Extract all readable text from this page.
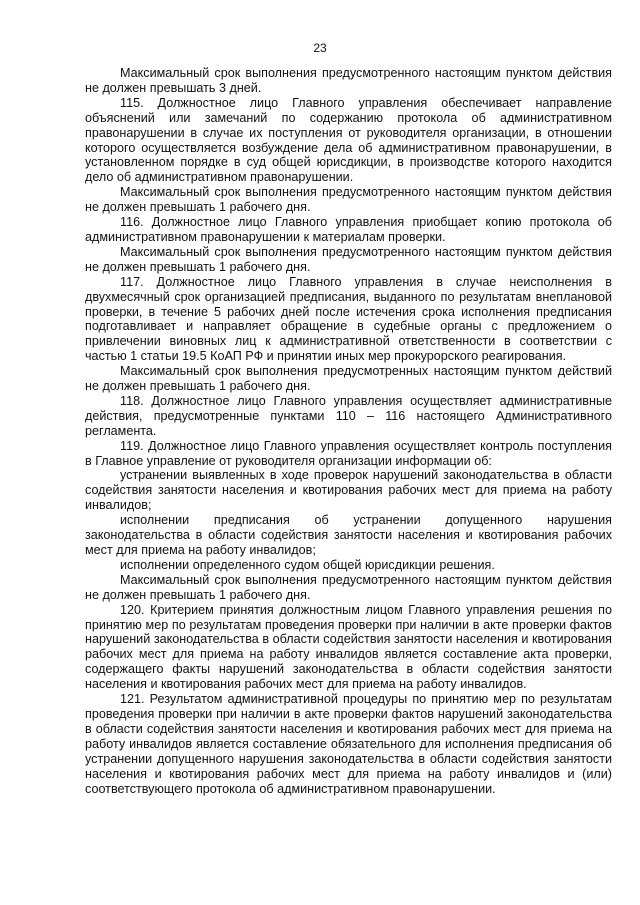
23

Максимальный срок выполнения предусмотренного настоящим пунктом действия не должен превышать 3 дней.

115. Должностное лицо Главного управления обеспечивает направление объяснений или замечаний по содержанию протокола об административном правонарушении в случае их поступления от руководителя организации, в отношении которого осуществляется возбуждение дела об административном правонарушении, в установленном порядке в суд общей юрисдикции, в производстве которого находится дело об административном правонарушении.

Максимальный срок выполнения предусмотренного настоящим пунктом действия не должен превышать 1 рабочего дня.

116. Должностное лицо Главного управления приобщает копию протокола об административном правонарушении к материалам проверки.

Максимальный срок выполнения предусмотренного настоящим пунктом действия не должен превышать 1 рабочего дня.

117. Должностное лицо Главного управления в случае неисполнения в двухмесячный срок организацией предписания, выданного по результатам внеплановой проверки, в течение 5 рабочих дней после истечения срока исполнения предписания подготавливает и направляет обращение в судебные органы с предложением о привлечении виновных лиц к административной ответственности в соответствии с частью 1 статьи 19.5 КоАП РФ и принятии иных мер прокурорского реагирования.

Максимальный срок выполнения предусмотренных настоящим пунктом действий не должен превышать 1 рабочего дня.

118. Должностное лицо Главного управления осуществляет административные действия, предусмотренные пунктами 110 – 116 настоящего Административного регламента.

119. Должностное лицо Главного управления осуществляет контроль поступления в Главное управление от руководителя организации информации об:

устранении выявленных в ходе проверок нарушений законодательства в области содействия занятости населения и квотирования рабочих мест для приема на работу инвалидов;

исполнении предписания об устранении допущенного нарушения законодательства в области содействия занятости населения и квотирования рабочих мест для приема на работу инвалидов;

исполнении определенного судом общей юрисдикции решения.

Максимальный срок выполнения предусмотренного настоящим пунктом действия не должен превышать 1 рабочего дня.

120. Критерием принятия должностным лицом Главного управления решения по принятию мер по результатам проведения проверки при наличии в акте проверки фактов нарушений законодательства в области содействия занятости населения и квотирования рабочих мест для приема на работу инвалидов является составление акта проверки, содержащего факты нарушений законодательства в области содействия занятости населения и квотирования рабочих мест для приема на работу инвалидов.

121. Результатом административной процедуры по принятию мер по результатам проведения проверки при наличии в акте проверки фактов нарушений законодательства в области содействия занятости населения и квотирования рабочих мест для приема на работу инвалидов является составление обязательного для исполнения предписания об устранении допущенного нарушения законодательства в области содействия занятости населения и квотирования рабочих мест для приема на работу инвалидов и (или) соответствующего протокола об административном правонарушении.
